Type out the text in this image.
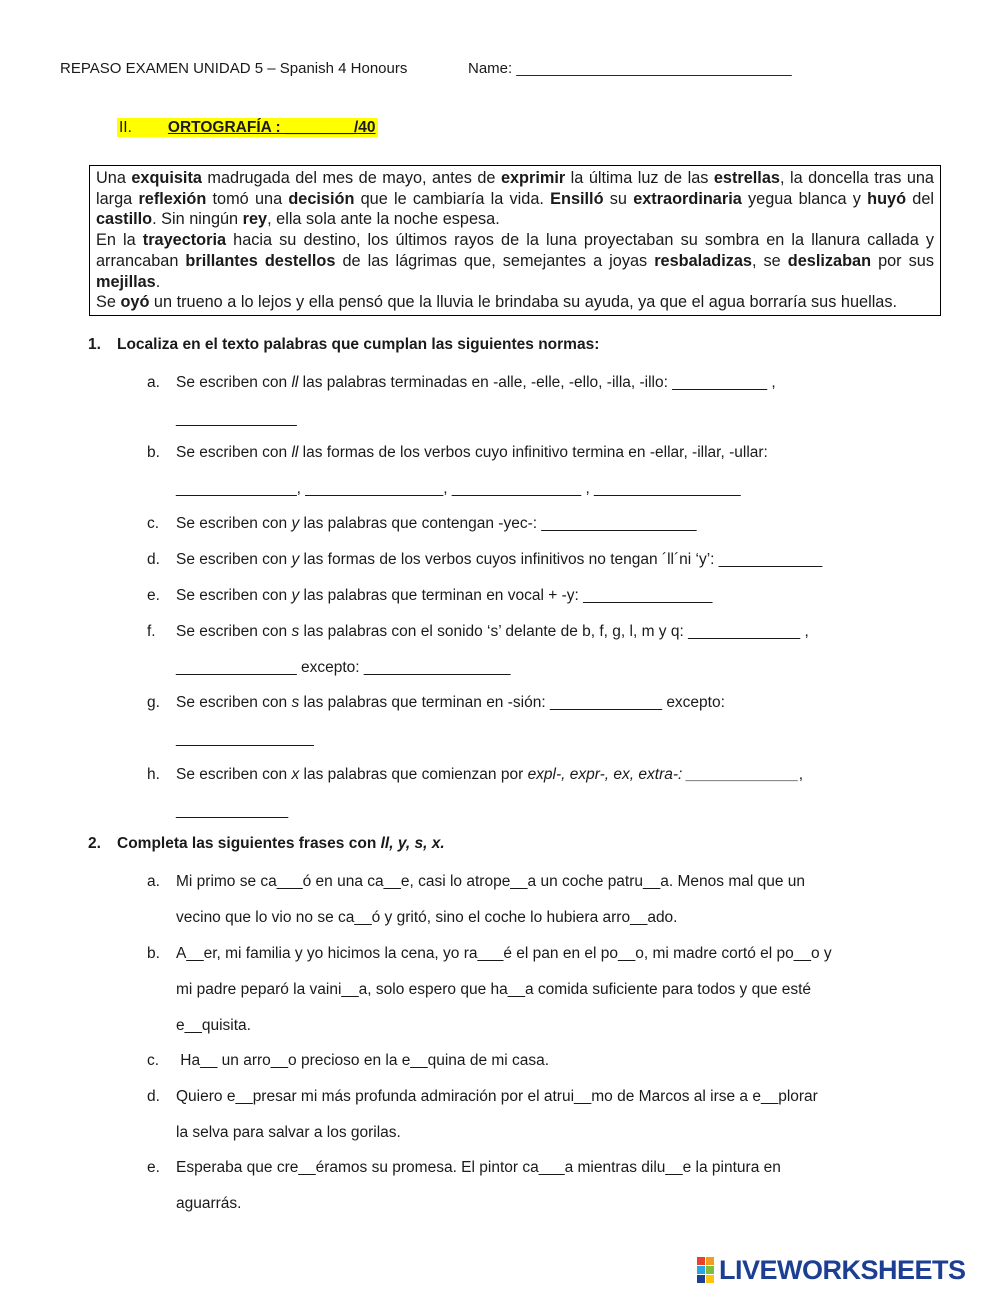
REPASO EXAMEN UNIDAD 5 – Spanish 4 Honours	Name: _________________________________
II. ORTOGRAFÍA : ________/40

Una exquisita madrugada del mes de mayo, antes de exprimir la última luz de las estrellas, la doncella tras una larga reflexión tomó una decisión que le cambiaría la vida. Ensilló su extraordinaria yegua blanca y huyó del castillo. Sin ningún rey, ella sola ante la noche espesa.

En la trayectoria hacia su destino, los últimos rayos de la luna proyectaban su sombra en la llanura callada y arrancaban brillantes destellos de las lágrimas que, semejantes a joyas resbaladizas, se deslizaban por sus mejillas.

Se oyó un trueno a lo lejos y ella pensó que la lluvia le brindaba su ayuda, ya que el agua borraría sus huellas.

1. Localiza en el texto palabras que cumplan las siguientes normas:
a. Se escriben con ll las palabras terminadas en -alle, -elle, -ello, -illa, -illo: ___________ ,
______________
b. Se escriben con ll las formas de los verbos cuyo infinitivo termina en -ellar, -illar, -ullar:
______________, ________________, _______________ , _________________
c. Se escriben con y las palabras que contengan -yec-: __________________
d. Se escriben con y las formas de los verbos cuyos infinitivos no tengan ´ll´ni ‘y’: ____________
e. Se escriben con y las palabras que terminan en vocal + -y: _______________
f. Se escriben con s las palabras con el sonido ‘s’ delante de b, f, g, l, m y q: _____________ ,
______________ excepto: _________________
g. Se escriben con s las palabras que terminan en -sión: _____________ excepto:
________________
h. Se escriben con x las palabras que comienzan por expl-, expr-, ex, extra-: _____________,
_____________
2. Completa las siguientes frases con ll, y, s, x.
a. Mi primo se ca___ó en una ca__e, casi lo atrope__a un coche patru__a. Menos mal que un
vecino que lo vio no se ca__ó y gritó, sino el coche lo hubiera arro__ado.
b. A__er, mi familia y yo hicimos la cena, yo ra___é el pan en el po__o, mi madre cortó el po__o y
mi padre peparó la vaini__a, solo espero que ha__a comida suficiente para todos y que esté
e__quisita.
c. Ha__ un arro__o precioso en la e__quina de mi casa.
d. Quiero e__presar mi más profunda admiración por el atrui__mo de Marcos al irse a e__plorar
la selva para salvar a los gorilas.
e. Esperaba que cre__éramos su promesa. El pintor ca___a mientras dilu__e la pintura en
aguarrás.
LIVEWORKSHEETS
